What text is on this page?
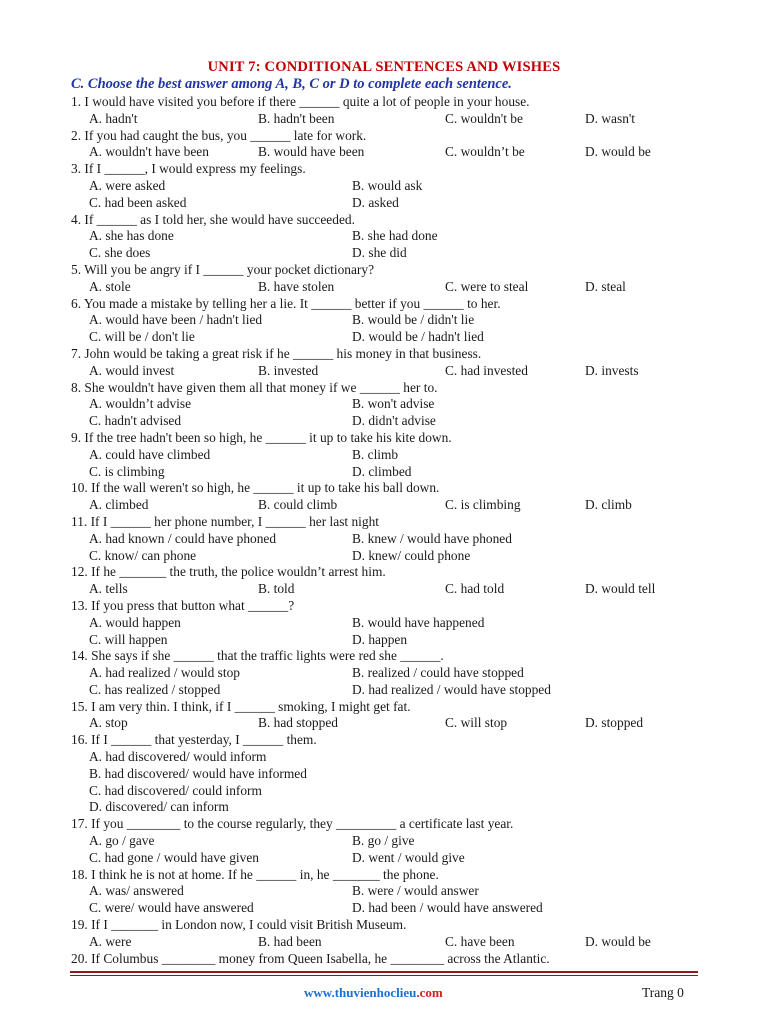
UNIT 7: CONDITIONAL SENTENCES AND WISHES
C. Choose the best answer among A, B, C or D to complete each sentence.
1. I would have visited you before if there ______ quite a lot of people in your house.
A. hadn't	B. hadn't been	C. wouldn't be	D. wasn't
2. If you had caught the bus, you ______ late for work.
A. wouldn't have been	B. would have been	C. wouldn’t be	D. would be
3. If I ______, I would express my feelings.
A. were asked	B. would ask
C. had been asked	D. asked
4. If ______ as I told her, she would have succeeded.
A. she has done	B. she had done
C. she does	D. she did
5. Will you be angry if I ______ your pocket dictionary?
A. stole	B. have stolen	C. were to steal	D. steal
6. You made a mistake by telling her a lie. It ______ better if you ______ to her.
A. would have been / hadn't lied	B. would be / didn't lie
C. will be / don't lie	D. would be / hadn't lied
7. John would be taking a great risk if he ______ his money in that business.
A. would invest	B. invested	C. had invested	D. invests
8. She wouldn't have given them all that money if we ______ her to.
A. wouldn’t advise	B. won't advise
C. hadn't advised	D. didn't advise
9. If the tree hadn't been so high, he ______ it up to take his kite down.
A. could have climbed	B. climb
C. is climbing	D. climbed
10. If the wall weren't so high, he ______ it up to take his ball down.
A. climbed	B. could climb	C. is climbing	D. climb
11. If I ______ her phone number, I ______ her last night
A. had known / could have phoned	B. knew / would have phoned
C. know/ can phone	D. knew/ could phone
12. If he _______ the truth, the police wouldn’t arrest him.
A. tells	B. told	C. had told	D. would tell
13. If you press that button what ______?
A. would happen	B. would have happened
C. will happen	D. happen
14. She says if she ______ that the traffic lights were red she ______.
A. had realized / would stop	B. realized / could have stopped
C. has realized / stopped	D. had realized / would have stopped
15. I am very thin. I think, if I ______ smoking, I might get fat.
A. stop	B. had stopped	C. will stop	D. stopped
16. If I ______ that yesterday, I ______ them.
A. had discovered/ would inform
B. had discovered/ would have informed
C. had discovered/ could inform
D. discovered/ can inform
17. If you ________ to the course regularly, they _________ a certificate last year.
A. go / gave	B. go / give
C. had gone / would have given	D. went / would give
18. I think he is not at home. If he ______ in, he _______ the phone.
A. was/ answered	B. were / would answer
C. were/ would have answered	D. had been / would have answered
19. If I _______ in London now, I could visit British Museum.
A. were	B. had been	C. have been	D. would be
20. If Columbus ________ money from Queen Isabella, he ________ across the Atlantic.
www.thuvienhoclieu.com	Trang 0
